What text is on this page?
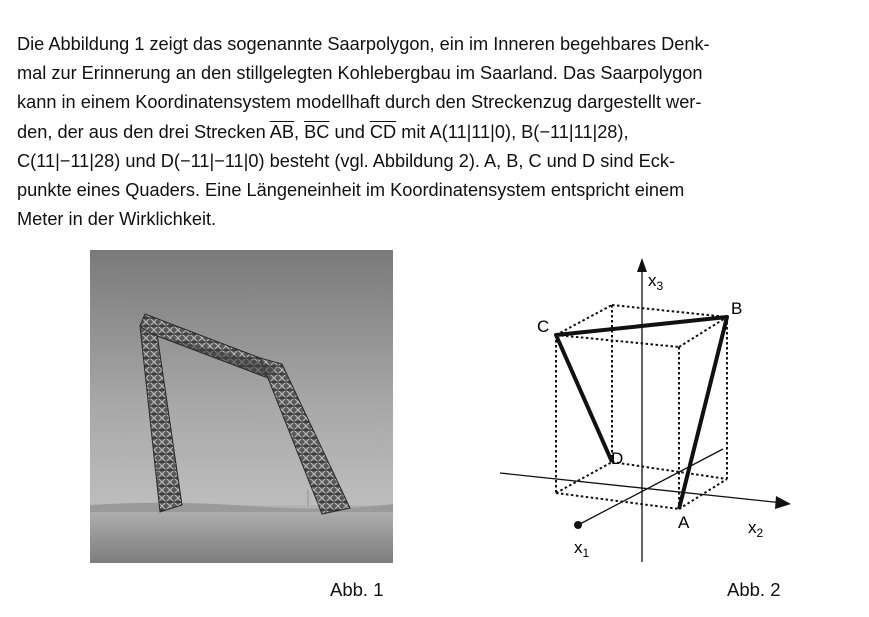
Die Abbildung 1 zeigt das sogenannte Saarpolygon, ein im Inneren begehbares Denk-
mal zur Erinnerung an den stillgelegten Kohlebergbau im Saarland. Das Saarpolygon
kann in einem Koordinatensystem modellhaft durch den Streckenzug dargestellt wer-
den, der aus den drei Strecken $\overline{AB}$, $\overline{BC}$ und $\overline{CD}$ mit A(11|11|0), B(−11|11|28),
C(11|−11|28) und D(−11|−11|0) besteht (vgl. Abbildung 2). A, B, C und D sind Eck-
punkte eines Quaders. Eine Längeneinheit im Koordinatensystem entspricht einem
Meter in der Wirklichkeit.
$x_3$
$x_2$
$x_1$
B
C
D
A
Abb. 1	Abb. 2
